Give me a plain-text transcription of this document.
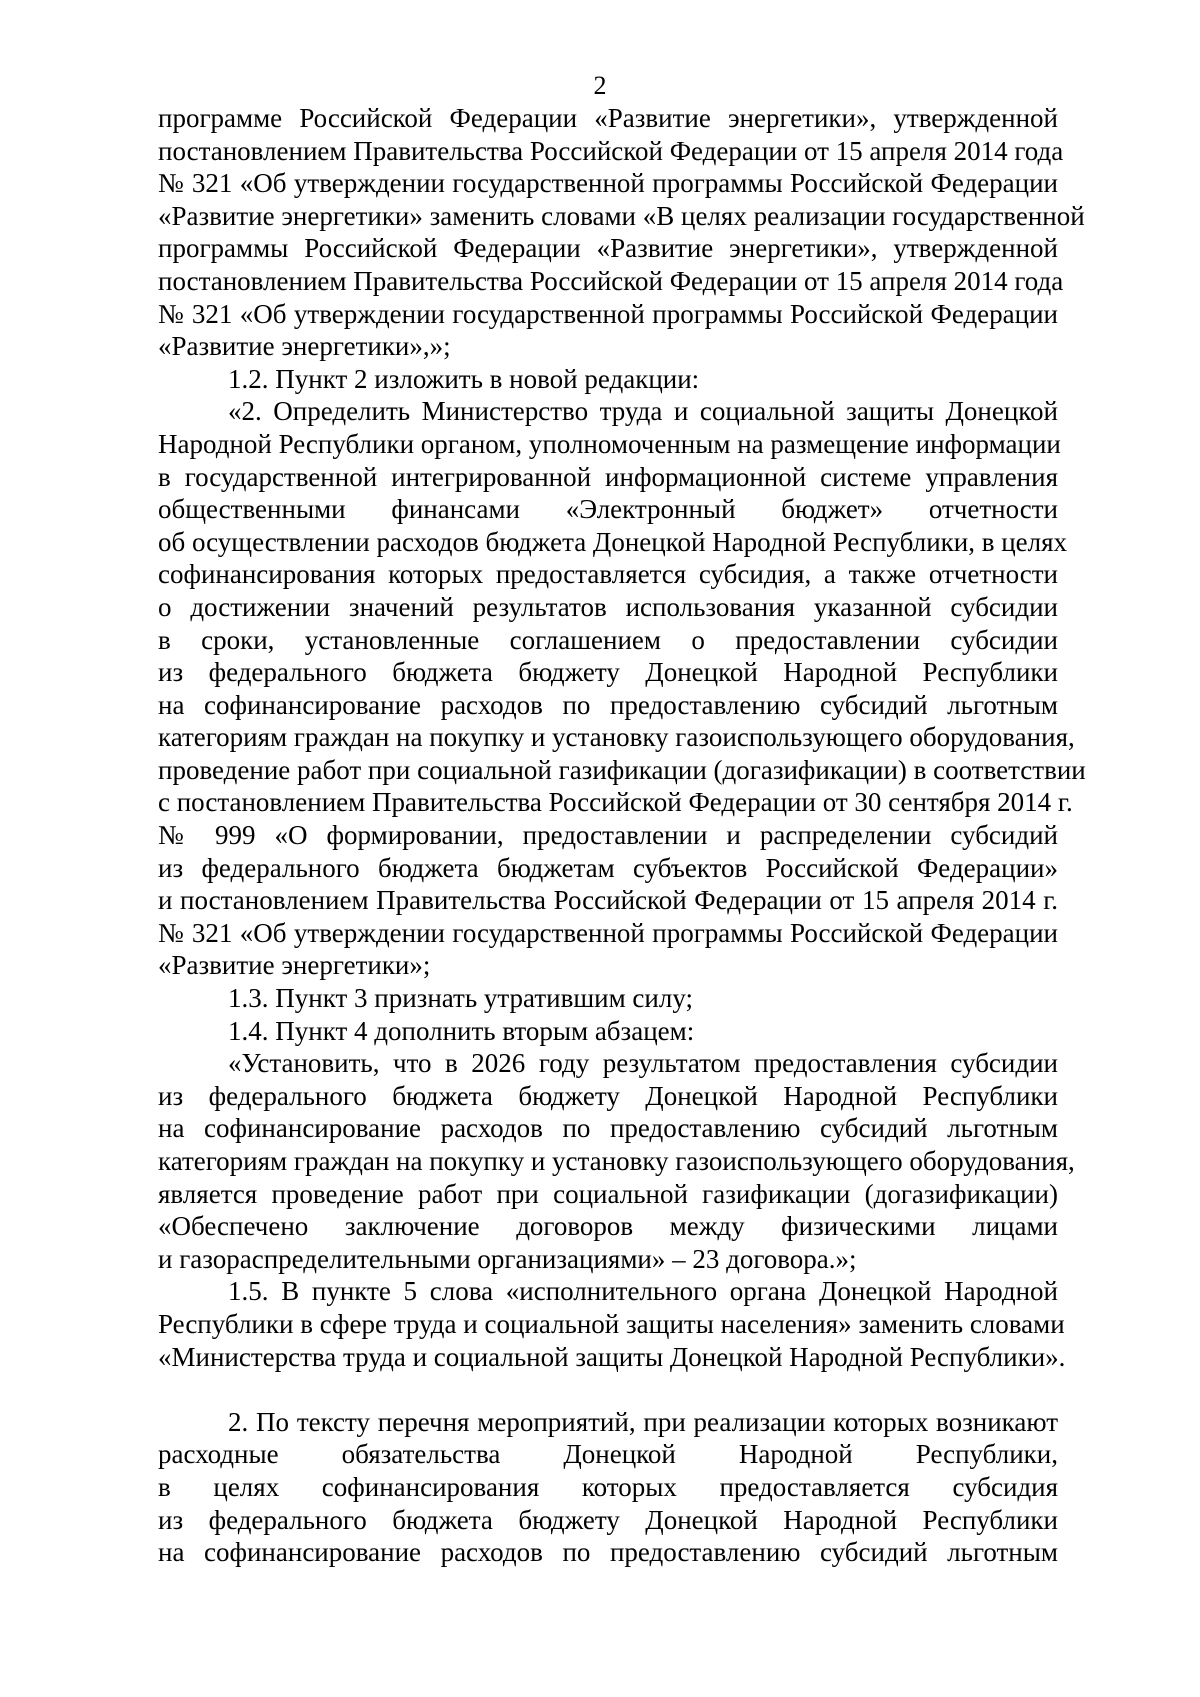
2
программе Российской Федерации «Развитие энергетики», утвержденной
постановлением Правительства Российской Федерации от 15 апреля 2014 года
№ 321 «Об утверждении государственной программы Российской Федерации
«Развитие энергетики» заменить словами «В целях реализации государственной
программы Российской Федерации «Развитие энергетики», утвержденной
постановлением Правительства Российской Федерации от 15 апреля 2014 года
№ 321 «Об утверждении государственной программы Российской Федерации
«Развитие энергетики»,»;
1.2. Пункт 2 изложить в новой редакции:
«2. Определить Министерство труда и социальной защиты Донецкой
Народной Республики органом, уполномоченным на размещение информации
в государственной интегрированной информационной системе управления
общественными финансами «Электронный бюджет» отчетности
об осуществлении расходов бюджета Донецкой Народной Республики, в целях
софинансирования которых предоставляется субсидия, а также отчетности
о достижении значений результатов использования указанной субсидии
в сроки, установленные соглашением о предоставлении субсидии
из федерального бюджета бюджету Донецкой Народной Республики
на софинансирование расходов по предоставлению субсидий льготным
категориям граждан на покупку и установку газоиспользующего оборудования,
проведение работ при социальной газификации (догазификации) в соответствии
с постановлением Правительства Российской Федерации от 30 сентября 2014 г.
№ 999 «О формировании, предоставлении и распределении субсидий
из федерального бюджета бюджетам субъектов Российской Федерации»
и постановлением Правительства Российской Федерации от 15 апреля 2014 г.
№ 321 «Об утверждении государственной программы Российской Федерации
«Развитие энергетики»;
1.3. Пункт 3 признать утратившим силу;
1.4. Пункт 4 дополнить вторым абзацем:
«Установить, что в 2026 году результатом предоставления субсидии
из федерального бюджета бюджету Донецкой Народной Республики
на софинансирование расходов по предоставлению субсидий льготным
категориям граждан на покупку и установку газоиспользующего оборудования,
является проведение работ при социальной газификации (догазификации)
«Обеспечено заключение договоров между физическими лицами
и газораспределительными организациями» – 23 договора.»;
1.5. В пункте 5 слова «исполнительного органа Донецкой Народной
Республики в сфере труда и социальной защиты населения» заменить словами
«Министерства труда и социальной защиты Донецкой Народной Республики».
2. По тексту перечня мероприятий, при реализации которых возникают
расходные обязательства Донецкой Народной Республики,
в целях софинансирования которых предоставляется субсидия
из федерального бюджета бюджету Донецкой Народной Республики
на софинансирование расходов по предоставлению субсидий льготным
